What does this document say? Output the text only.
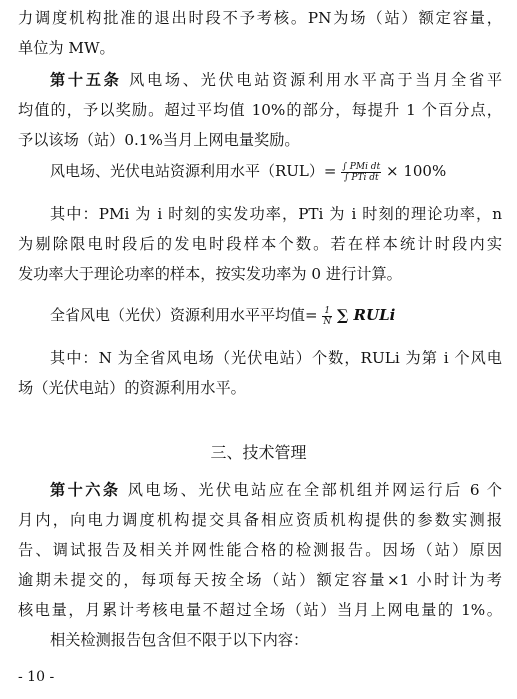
力调度机构批准的退出时段不予考核。PN为场（站）额定容量，
单位为 MW。
第十五条 风电场、光伏电站资源利用水平高于当月全省平
均值的，予以奖励。超过平均值 10%的部分，每提升 1 个百分点，
予以该场（站）0.1%当月上网电量奖励。
风电场、光伏电站资源利用水平$(RUL)= \frac{\text{∫ PMi dt}}{\text{∫ PTi dt}} \times 100\%$
其中：PMi 为 i 时刻的实发功率，PTi 为 i 时刻的理论功率，n
为剔除限电时段后的发电时段样本个数。若在样本统计时段内实
发功率大于理论功率的样本，按实发功率为 0 进行计算。
全省风电（光伏）资源利用水平平均值= $\frac{1}{N}$ ∑ RULi
其中：N 为全省风电场（光伏电站）个数，RULi 为第 i 个风电
场（光伏电站）的资源利用水平。
三、技术管理
第十六条 风电场、光伏电站应在全部机组并网运行后 6 个
月内，向电力调度机构提交具备相应资质机构提供的参数实测报
告、调试报告及相关并网性能合格的检测报告。因场（站）原因
逾期未提交的，每项每天按全场（站）额定容量×1 小时计为考
核电量，月累计考核电量不超过全场（站）当月上网电量的 1%。
相关检测报告包含但不限于以下内容：
- 10 -
